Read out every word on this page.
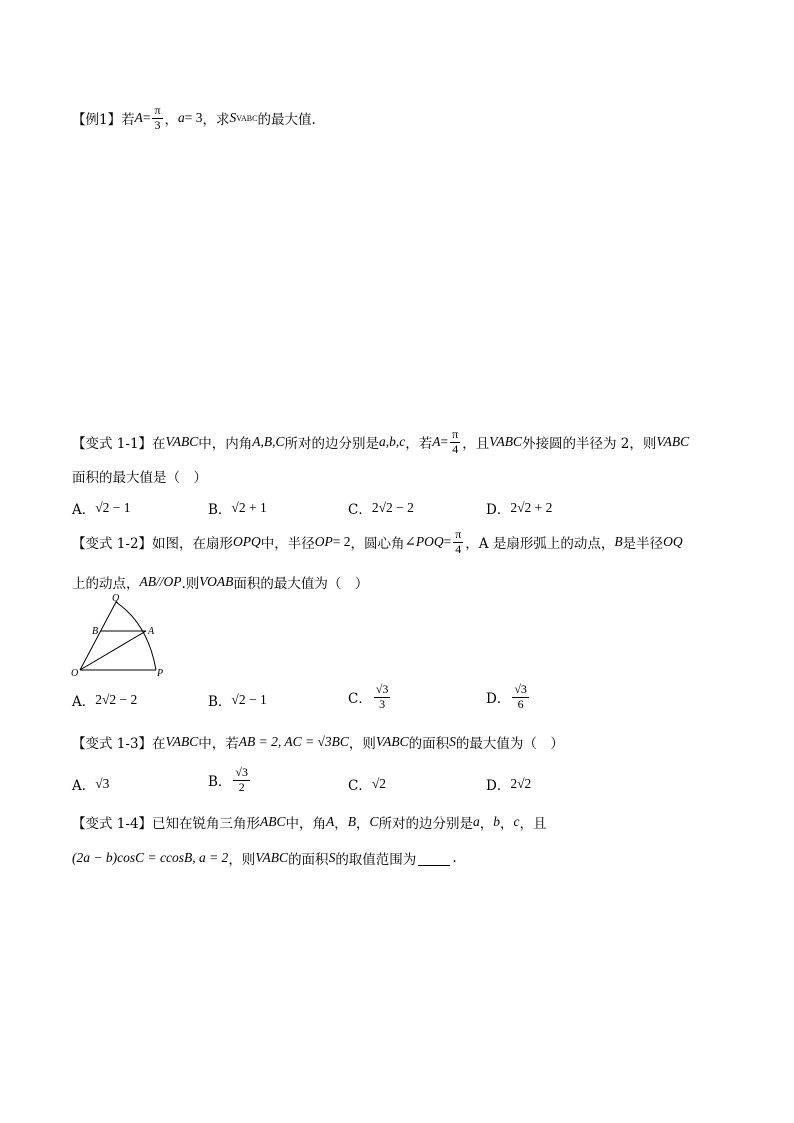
【例1】 若 $A = \frac{\pi}{3}$ ， a = 3 ，求 S VABC 的最大值.
【变式 1-1】 在 VABC 中，内角 A,B,C 所对的边分别是 a,b,c ，若 $A = \frac{\pi}{4}$ ，且 VABC 外接圆的半径为 2，则 VABC
面积的最大值是（　）
A． √2 − 1	B． √2 + 1	C． 2√2 − 2	D． 2√2 + 2
【变式 1-2】 如图，在扇形 OPQ 中，半径 OP = 2 ，圆心角 ∠POQ = $\frac{\pi}{4}$ ，A 是扇形弧上的动点， B 是半径 OQ
上的动点， AB//OP .则 VOAB 面积的最大值为（　）
Q
B	A
O	P
A． 2√2 − 2	B． √2 − 1	C． $\frac{√3}{3}$	D． $\frac{√3}{6}$
【变式 1-3】 在 VABC 中，若 AB = 2, AC = √3BC ，则 VABC 的面积 S 的最大值为（　）
A． √3	B． $\frac{√3}{2}$	C． √2	D． 2√2
【变式 1-4】 已知在锐角三角形 ABC 中，角 A ， B ， C 所对的边分别是 a ， b ， c ，且
(2a − b)cosC = ccosB, a = 2 ，则 VABC 的面积 S 的取值范围为	.
